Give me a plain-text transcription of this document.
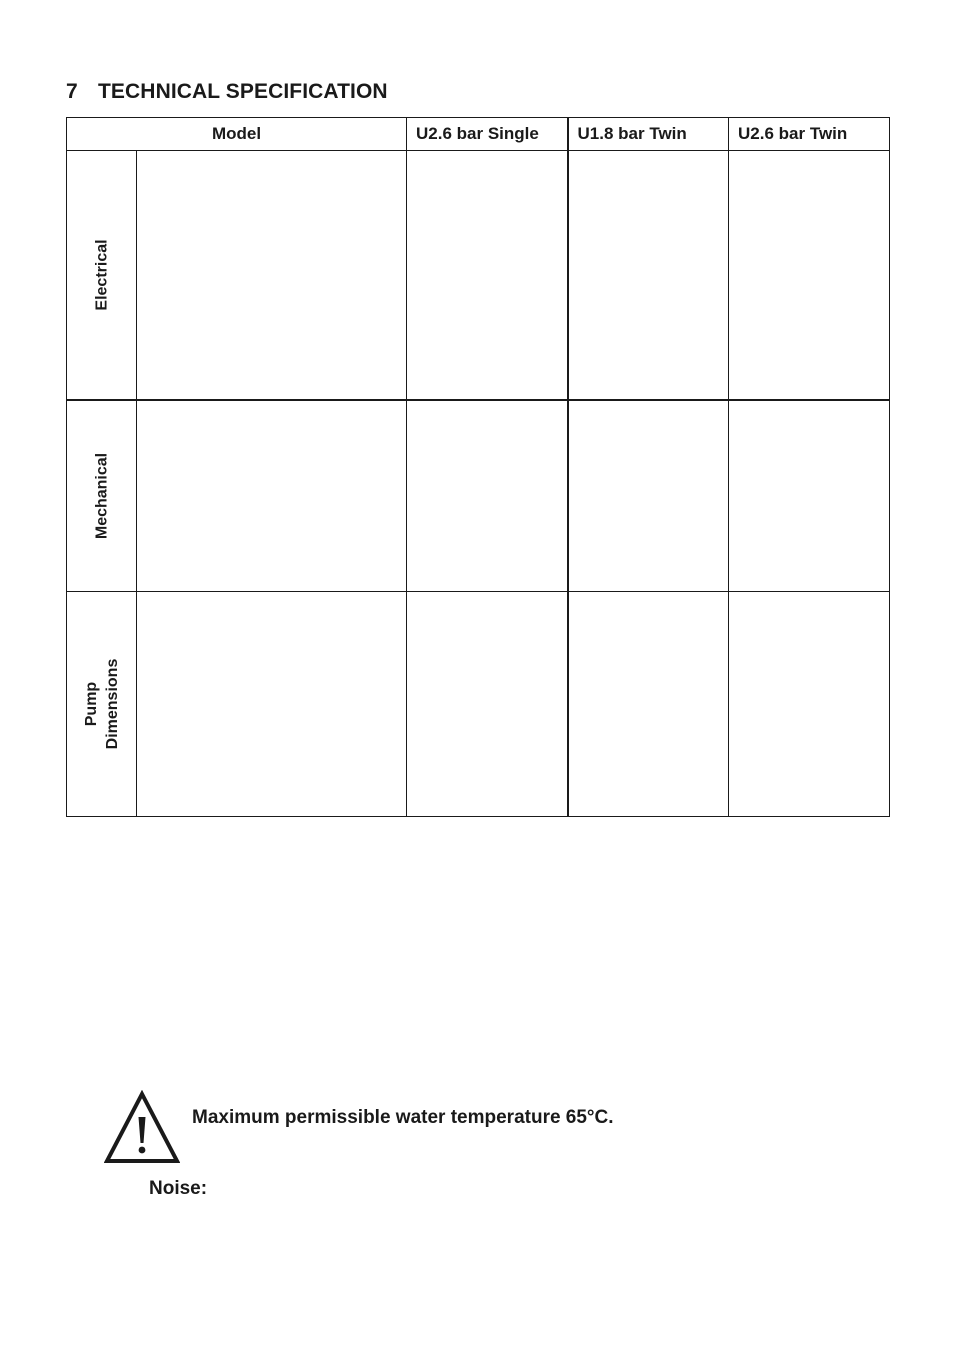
7 TECHNICAL SPECIFICATION
Model		U2.6 bar Single	U1.8 bar Twin	U2.6 bar Twin

Electrical				

Mechanical				

Pump Dimensions				

Maximum permissible water temperature 65°C.
Noise:
